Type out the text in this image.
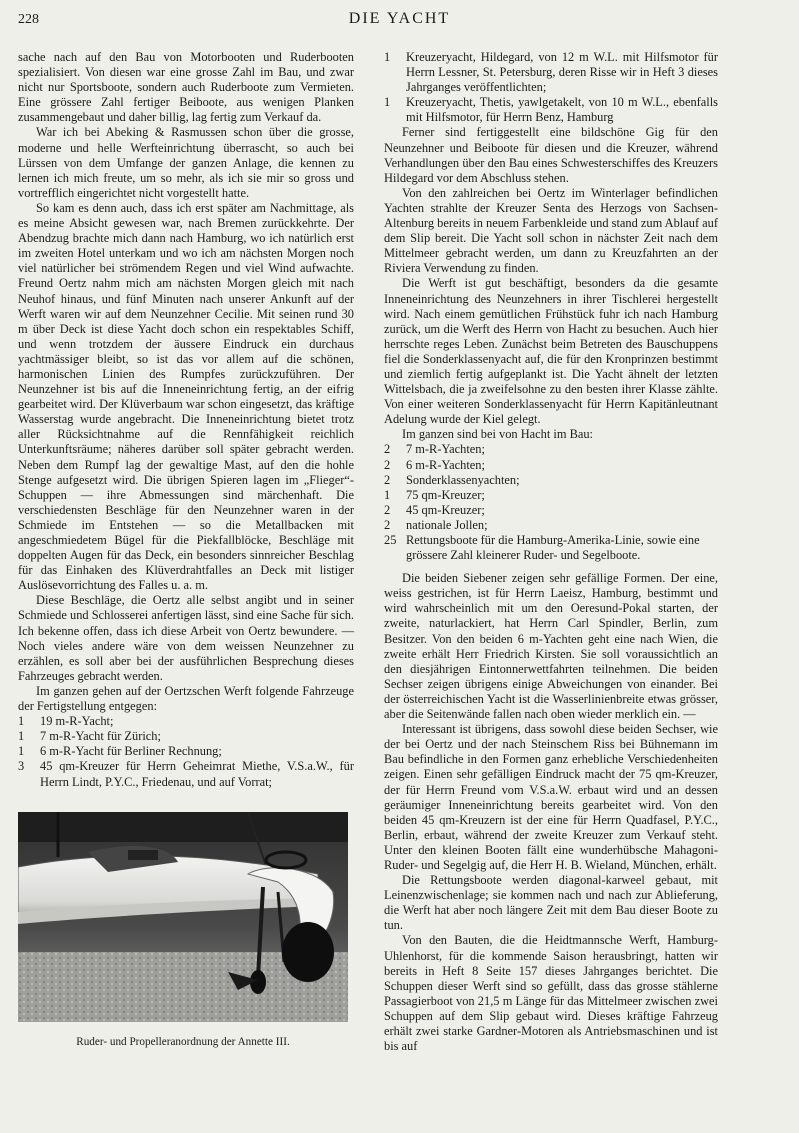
228	DIE YACHT

sache nach auf den Bau von Motorbooten und Ruderbooten spezialisiert. Von diesen war eine grosse Zahl im Bau, und zwar nicht nur Sportsboote, sondern auch Ruderboote zum Vermieten. Eine grössere Zahl fertiger Beiboote, aus wenigen Planken zusammengebaut und daher billig, lag fertig zum Verkauf da.

War ich bei Abeking & Rasmussen schon über die grosse, moderne und helle Werfteinrichtung überrascht, so auch bei Lürssen von dem Umfange der ganzen Anlage, die kennen zu lernen ich mich freute, um so mehr, als ich sie mir so gross und vortrefflich eingerichtet nicht vorgestellt hatte.

So kam es denn auch, dass ich erst später am Nachmittage, als es meine Absicht gewesen war, nach Bremen zurückkehrte. Der Abendzug brachte mich dann nach Hamburg, wo ich natürlich erst im zweiten Hotel unterkam und wo ich am nächsten Morgen noch viel natürlicher bei strömendem Regen und viel Wind aufwachte. Freund Oertz nahm mich am nächsten Morgen gleich mit nach Neuhof hinaus, und fünf Minuten nach unserer Ankunft auf der Werft waren wir auf dem Neunzehner Cecilie. Mit seinen rund 30 m über Deck ist diese Yacht doch schon ein respektables Schiff, und wenn trotzdem der äussere Eindruck ein durchaus yachtmässiger bleibt, so ist das vor allem auf die schönen, harmonischen Linien des Rumpfes zurückzuführen. Der Neunzehner ist bis auf die Inneneinrichtung fertig, an der eifrig gearbeitet wird. Der Klüverbaum war schon eingesetzt, das kräftige Wasserstag wurde angebracht. Die Inneneinrichtung bietet trotz aller Rücksichtnahme auf die Rennfähigkeit reichlich Unterkunftsräume; näheres darüber soll später gebracht werden. Neben dem Rumpf lag der gewaltige Mast, auf den die hohle Stenge aufgesetzt wird. Die übrigen Spieren lagen im „Flieger“-Schuppen — ihre Abmessungen sind märchenhaft. Die verschiedensten Beschläge für den Neunzehner waren in der Schmiede im Entstehen — so die Metallbacken mit angeschmiedetem Bügel für die Piekfallblöcke, Beschläge mit doppelten Augen für das Deck, ein besonders sinnreicher Beschlag für das Einhaken des Klüverdrahtfalles an Deck mit listiger Auslösevorrichtung des Falles u. a. m.

Diese Beschläge, die Oertz alle selbst angibt und in seiner Schmiede und Schlosserei anfertigen lässt, sind eine Sache für sich. Ich bekenne offen, dass ich diese Arbeit von Oertz bewundere. — Noch vieles andere wäre von dem weissen Neunzehner zu erzählen, es soll aber bei der ausführlichen Besprechung dieses Fahrzeuges gebracht werden.

Im ganzen gehen auf der Oertzschen Werft folgende Fahrzeuge der Fertigstellung entgegen:

1	19 m-R-Yacht;
1	7 m-R-Yacht für Zürich;
1	6 m-R-Yacht für Berliner Rechnung;
3	45 qm-Kreuzer für Herrn Geheimrat Miethe, V.S.a.W., für Herrn Lindt, P.Y.C., Friedenau, und auf Vorrat;
Ruder- und Propelleranordnung der Annette III.
1	Kreuzeryacht, Hildegard, von 12 m W.L. mit Hilfsmotor für Herrn Lessner, St. Petersburg, deren Risse wir in Heft 3 dieses Jahrganges veröffentlichten;
1	Kreuzeryacht, Thetis, yawlgetakelt, von 10 m W.L., ebenfalls mit Hilfsmotor, für Herrn Benz, Hamburg

Ferner sind fertiggestellt eine bildschöne Gig für den Neunzehner und Beiboote für diesen und die Kreuzer, während Verhandlungen über den Bau eines Schwesterschiffes des Kreuzers Hildegard vor dem Abschluss stehen.

Von den zahlreichen bei Oertz im Winterlager befindlichen Yachten strahlte der Kreuzer Senta des Herzogs von Sachsen-Altenburg bereits in neuem Farbenkleide und stand zum Ablauf auf dem Slip bereit. Die Yacht soll schon in nächster Zeit nach dem Mittelmeer gebracht werden, um dann zu Kreuzfahrten an der Riviera Verwendung zu finden.

Die Werft ist gut beschäftigt, besonders da die gesamte Inneneinrichtung des Neunzehners in ihrer Tischlerei hergestellt wird. Nach einem gemütlichen Frühstück fuhr ich nach Hamburg zurück, um die Werft des Herrn von Hacht zu besuchen. Auch hier herrschte reges Leben. Zunächst beim Betreten des Bauschuppens fiel die Sonderklassenyacht auf, die für den Kronprinzen bestimmt und ziemlich fertig aufgeplankt ist. Die Yacht ähnelt der letzten Wittelsbach, die ja zweifelsohne zu den besten ihrer Klasse zählte. Von einer weiteren Sonderklassenyacht für Herrn Kapitänleutnant Adelung wurde der Kiel gelegt.

Im ganzen sind bei von Hacht im Bau:

2	7 m-R-Yachten;
2	6 m-R-Yachten;
2	Sonderklassenyachten;
1	75 qm-Kreuzer;
2	45 qm-Kreuzer;
2	nationale Jollen;
25 Rettungsboote für die Hamburg-Amerika-Linie, sowie eine grössere Zahl kleinerer Ruder- und Segelboote.

Die beiden Siebener zeigen sehr gefällige Formen. Der eine, weiss gestrichen, ist für Herrn Laeisz, Hamburg, bestimmt und wird wahrscheinlich mit um den Oeresund-Pokal starten, der zweite, naturlackiert, hat Herrn Carl Spindler, Berlin, zum Besitzer. Von den beiden 6 m-Yachten geht eine nach Wien, die zweite erhält Herr Friedrich Kirsten. Sie soll voraussichtlich an den diesjährigen Eintonnerwettfahrten teilnehmen. Die beiden Sechser zeigen übrigens einige Abweichungen von einander. Bei der österreichischen Yacht ist die Wasserlinienbreite etwas grösser, aber die Seitenwände fallen nach oben wieder merklich ein. —

Interessant ist übrigens, dass sowohl diese beiden Sechser, wie der bei Oertz und der nach Steinschem Riss bei Bühnemann im Bau befindliche in den Formen ganz erhebliche Verschiedenheiten zeigen. Einen sehr gefälligen Eindruck macht der 75 qm-Kreuzer, der für Herrn Freund vom V.S.a.W. erbaut wird und an dessen geräumiger Inneneinrichtung bereits gearbeitet wird. Von den beiden 45 qm-Kreuzern ist der eine für Herrn Quadfasel, P.Y.C., Berlin, erbaut, während der zweite Kreuzer zum Verkauf steht. Unter den kleinen Booten fällt eine wunderhübsche Mahagoni-Ruder- und Segelgig auf, die Herr H. B. Wieland, München, erhält.

Die Rettungsboote werden diagonal-karweel gebaut, mit Leinenzwischenlage; sie kommen nach und nach zur Ablieferung, die Werft hat aber noch längere Zeit mit dem Bau dieser Boote zu tun.

Von den Bauten, die die Heidtmannsche Werft, Hamburg-Uhlenhorst, für die kommende Saison herausbringt, hatten wir bereits in Heft 8 Seite 157 dieses Jahrganges berichtet. Die Schuppen dieser Werft sind so gefüllt, dass das grosse stählerne Passagierboot von 21,5 m Länge für das Mittelmeer zwischen zwei Schuppen auf dem Slip gebaut wird. Dieses kräftige Fahrzeug erhält zwei starke Gardner-Motoren als Antriebsmaschinen und ist bis auf
